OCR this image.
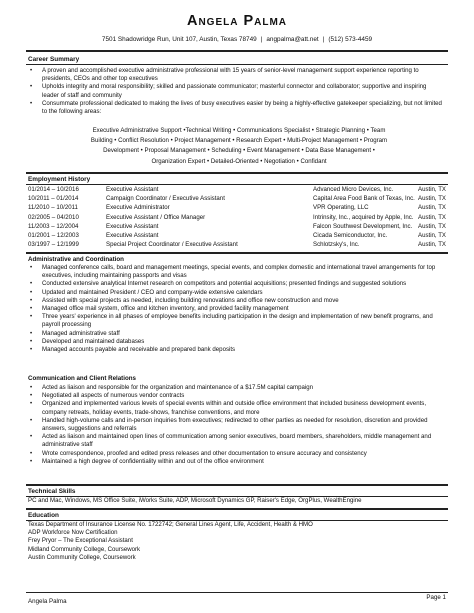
Angela Palma
7501 Shadowridge Run, Unit 107, Austin, Texas 78749 | angpalma@att.net | (512) 573-4459
Career Summary
• A proven and accomplished executive administrative professional with 15 years of senior-level management support experience reporting to presidents, CEOs and other top executives
• Upholds integrity and moral responsibility; skilled and passionate communicator; masterful connector and collaborator; supportive and inspiring leader of staff and community
• Consummate professional dedicated to making the lives of busy executives easier by being a highly-effective gatekeeper specializing, but not limited to the following areas:
Executive Administrative Support •Technical Writing • Communications Specialist • Strategic Planning • Team
Building • Conflict Resolution • Project Management • Research Expert • Multi-Project Management • Program
Development • Proposal Management • Scheduling • Event Management • Data Base Management •
Organization Expert • Detailed-Oriented • Negotiation • Confidant
Employment History
01/2014 – 10/2016	Executive Assistant	Advanced Micro Devices, Inc.	Austin, TX
10/2011 – 01/2014	Campaign Coordinator / Executive Assistant	Capital Area Food Bank of Texas, Inc. Austin, TX
11/2010 – 10/2011	Executive Administrator	VPR Operating, LLC	Austin, TX
02/2005 – 04/2010	Executive Assistant / Office Manager	Intrinsity, Inc., acquired by Apple, Inc. Austin, TX
11/2003 – 12/2004	Executive Assistant	Falcon Southwest Development, Inc. Austin, TX
01/2001 – 12/2003	Executive Assistant	Cicada Semiconductor, Inc.	Austin, TX
03/1997 – 12/1999	Special Project Coordinator / Executive Assistant	Schlotzsky's, Inc.	Austin, TX
Administrative and Coordination
• Managed conference calls, board and management meetings, special events, and complex domestic and international travel arrangements for top executives, including maintaining passports and visas
• Conducted extensive analytical Internet research on competitors and potential acquisitions; presented findings and suggested solutions
• Updated and maintained President / CEO and company-wide extensive calendars
• Assisted with special projects as needed, including building renovations and office new construction and move
• Managed office mail system, office and kitchen inventory, and provided facility management
• Three years' experience in all phases of employee benefits including participation in the design and implementation of new benefit programs, and payroll processing
• Managed administrative staff
• Developed and maintained databases
• Managed accounts payable and receivable and prepared bank deposits
Communication and Client Relations
• Acted as liaison and responsible for the organization and maintenance of a $17.5M capital campaign
• Negotiated all aspects of numerous vendor contracts
• Organized and implemented various levels of special events within and outside office environment that included business development events, company retreats, holiday events, trade-shows, franchise conventions, and more
• Handled high-volume calls and in-person inquiries from executives; redirected to other parties as needed for resolution, discretion and provided answers, suggestions and referrals
• Acted as liaison and maintained open lines of communication among senior executives, board members, shareholders, middle management and administrative staff
• Wrote correspondence, proofed and edited press releases and other documentation to ensure accuracy and consistency
• Maintained a high degree of confidentiality within and out of the office environment
Technical Skills
PC and Mac, Windows, MS Office Suite, iWorks Suite, ADP, Microsoft Dynamics GP, Raiser's Edge, OrgPlus, WealthEngine
Education
Texas Department of Insurance License No. 1722742; General Lines Agent, Life, Accident, Health & HMO
ADP Workforce Now Certification
Frey Pryor – The Exceptional Assistant
Midland Community College, Coursework
Austin Community College, Coursework
Angela Palma
Page 1
